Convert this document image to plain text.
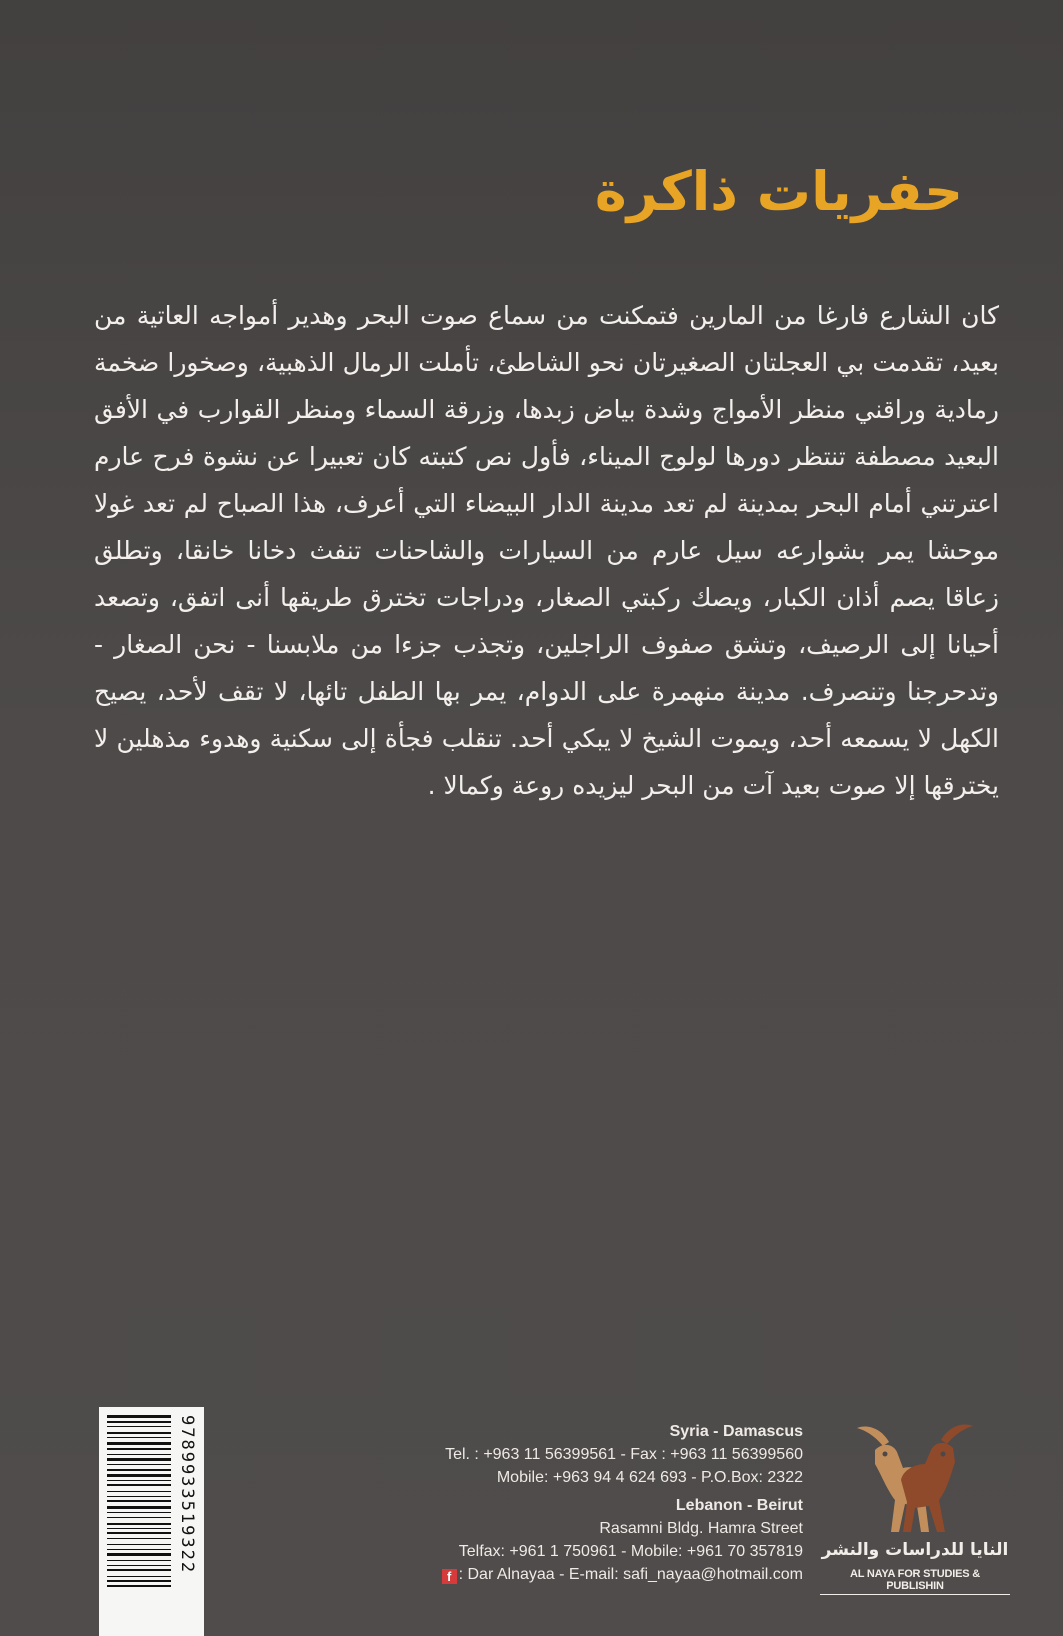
حفريات ذاكرة

كان الشارع فارغا من المارين فتمكنت من سماع صوت البحر وهدير أمواجه العاتية من بعيد، تقدمت بي العجلتان الصغيرتان نحو الشاطئ، تأملت الرمال الذهبية، وصخورا ضخمة رمادية وراقني منظر الأمواج وشدة بياض زبدها، وزرقة السماء ومنظر القوارب في الأفق البعيد مصطفة تنتظر دورها لولوج الميناء، فأول نص كتبته كان تعبيرا عن نشوة فرح عارم اعترتني أمام البحر بمدينة لم تعد مدينة الدار البيضاء التي أعرف، هذا الصباح لم تعد غولا موحشا يمر بشوارعه سيل عارم من السيارات والشاحنات تنفث دخانا خانقا، وتطلق زعاقا يصم أذان الكبار، ويصك ركبتي الصغار، ودراجات تخترق طريقها أنى اتفق، وتصعد أحيانا إلى الرصيف، وتشق صفوف الراجلين، وتجذب جزءا من ملابسنا - نحن الصغار - وتدحرجنا وتنصرف. مدينة منهمرة على الدوام، يمر بها الطفل تائها، لا تقف لأحد، يصيح الكهل لا يسمعه أحد، ويموت الشيخ لا يبكي أحد. تنقلب فجأة إلى سكنية وهدوء مذهلين لا يخترقها إلا صوت بعيد آت من البحر ليزيده روعة وكمالا .

9789933519322	Syria - Damascus
Tel. : +963 11 56399561 - Fax : +963 11 56399560
Mobile: +963 94 4 624 693 - P.O.Box: 2322
Lebanon - Beirut
Rasamni Bldg. Hamra Street
Telfax: +961 1 750961 - Mobile: +961 70 357819
f : Dar Alnayaa - E-mail: safi_nayaa@hotmail.com
النايا للدراسات والنشر
AL NAYA FOR STUDIES & PUBLISHIN
